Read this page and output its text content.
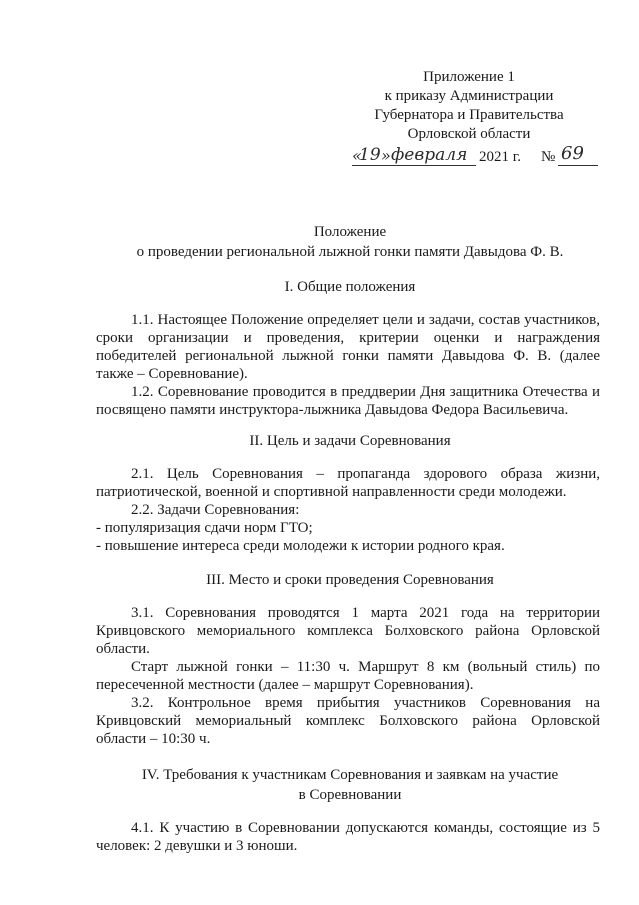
Приложение 1
к приказу Администрации
Губернатора и Правительства
Орловской области
«
19 » февраля 2021 г. № 69
Положение
о проведении региональной лыжной гонки памяти Давыдова Ф. В.
I. Общие положения
1.1. Настоящее Положение определяет цели и задачи, состав участников, сроки организации и проведения, критерии оценки и награждения победителей региональной лыжной гонки памяти Давыдова Ф. В. (далее также – Соревнование).
1.2. Соревнование проводится в преддверии Дня защитника Отечества и посвящено памяти инструктора-лыжника Давыдова Федора Васильевича.
II. Цель и задачи Соревнования
2.1. Цель Соревнования – пропаганда здорового образа жизни, патриотической, военной и спортивной направленности среди молодежи.
2.2. Задачи Соревнования:
- популяризация сдачи норм ГТО;
- повышение интереса среди молодежи к истории родного края.
III. Место и сроки проведения Соревнования
3.1. Соревнования проводятся 1 марта 2021 года на территории Кривцовского мемориального комплекса Болховского района Орловской области.
Старт лыжной гонки – 11:30 ч. Маршрут 8 км (вольный стиль) по пересеченной местности (далее – маршрут Соревнования).
3.2. Контрольное время прибытия участников Соревнования на Кривцовский мемориальный комплекс Болховского района Орловской области – 10:30 ч.
IV. Требования к участникам Соревнования и заявкам на участие
в Соревновании
4.1. К участию в Соревновании допускаются команды, состоящие из 5 человек: 2 девушки и 3 юноши.
